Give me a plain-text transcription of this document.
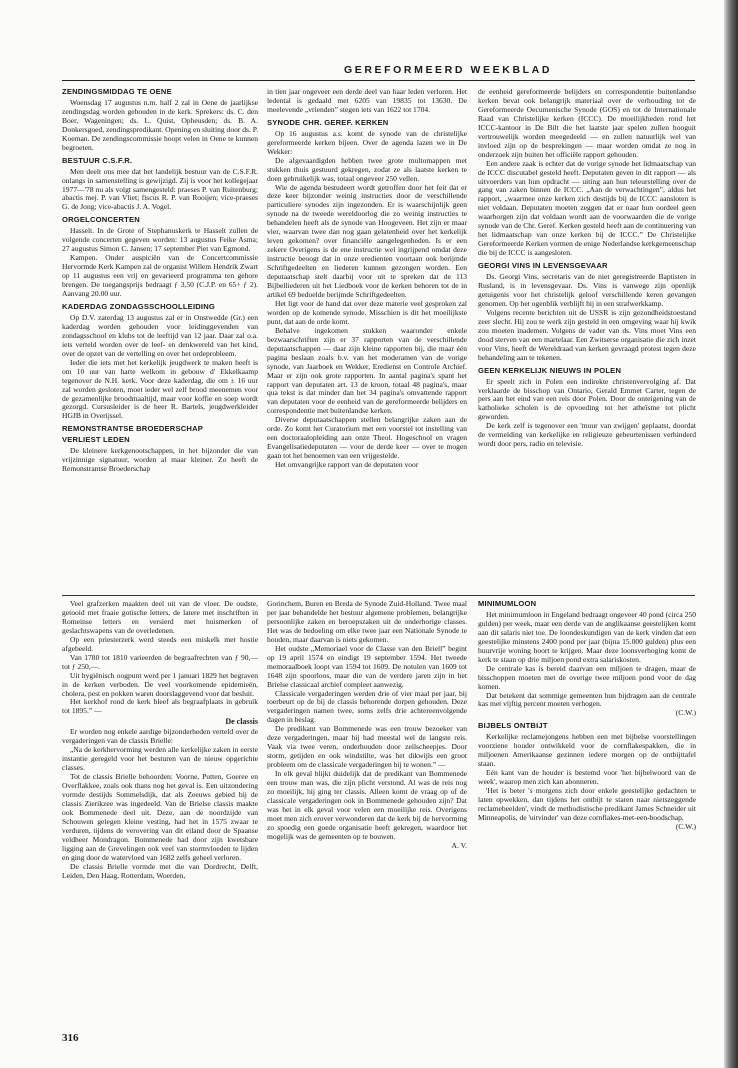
GEREFORMEERD WEEKBLAD
ZENDINGSMIDDAG TE OENE

Woensdag 17 augustus n.m. half 2 zal in Oene de jaarlijkse zendingsdag worden gehouden in de kerk. Sprekers: ds. C. den Boer, Wageningen; ds. L. Quist, Opheusden; ds. B. A. Donkersgoed, zendingspredikant. Opening en sluiting door ds. P. Koeman. De zendingscommissie hoopt velen in Oene te kunnen begroeten.

BESTUUR C.S.F.R.

Men deelt ons mee dat het landelijk bestuur van de C.S.F.R. onlangs in samenstelling is gewijzigd. Zij is voor het kollegejaar 1977—'78 nu als volgt samengesteld: praeses P. van Ruitenburg; abactis mej. P. van Vliet; fiscus R. P. van Rooijen; vice-praeses G. de Jong; vice-abactis J. A. Vogel.

ORGELCONCERTEN

Hasselt. In de Grote of Stephanuskerk te Hasselt zullen de volgende concerten gegeven worden: 13 augustus Feike Asma; 27 augustus Simon C. Jansen; 17 september Piet van Egmond.

Kampen. Onder auspiciën van de Concertcommissie Hervormde Kerk Kampen zal de organist Willem Hendrik Zwart op 11 augustus een vrij en gevarieerd programma ten gehore brengen. De toegangsprijs bedraagt ƒ 3,50 (C.J.P. en 65+ ƒ 2). Aanvang 20.00 uur.

KADERDAG ZONDAGSSCHOOLLEIDING

Op D.V. zaterdag 13 augustus zal er in Onstwedde (Gr.) een kaderdag worden gehouden voor leidinggevenden van zondagsschool en klubs tot de leeftijd van 12 jaar. Daar zal o.a. iets verteld worden over de leef- en denkwereld van het kind, over de opzet van de vertelling en over het ordeprobleem.

Ieder die iets met het kerkelijk jeugdwerk te maken heeft is om 10 uur van harte welkom in gebouw d' Ekkelkaamp tegenover de N.H. kerk. Voor deze kaderdag, die om ± 16 uur zal worden gesloten, moet ieder wel zelf brood meenemen voor de gezamenlijke broodmaaltijd, maar voor koffie en soep wordt gezorgd. Cursusleider is de heer R. Bartels, jeugdwerkleider HGJB in Overijssel.

REMONSTRANTSE BROEDERSCHAP
VERLIEST LEDEN

De kleinere kerkgenootschappen, in het bijzonder die van vrijzinnige signatuur, worden al maar kleiner. Zo heeft de Remonstrantse Broederschap

in tien jaar ongeveer een derde deel van haar leden verloren. Het ledental is gedaald met 6205 van 19835 tot 13630. De meelevende „vrienden” stegen iets van 1622 tot 1704.

SYNODE CHR. GEREF. KERKEN

Op 16 augustus a.s. komt de synode van de christelijke gereformeerde kerken bijeen. Over de agenda lazen we in De Wekker:

De afgevaardigden hebben twee grote multomappen met stukken thuis gestuurd gekregen, zodat ze als laatste kerken te doen gebruikelijk was, totaal ongeveer 250 vellen.

Wie de agenda bestudeert wordt getroffen door het feit dat er deze keer bijzonder weinig instructies door de verschillende particuliere synodes zijn ingezonden. Er is waarschijnlijk geen synode na de tweede wereldoorlog die zo weinig instructies te behandelen heeft als de synode van Hoogeveen. Het zijn er maar vier, waarvan twee dan nog gaan gelatenheid over het kerkelijk leven gekomen? over financiële aangelegenheden. Is er een zekere Overigens is de ene instructie wel ingrijpend omdat deze instructie beoogt dat in onze eredienten voortaan ook berijmde Schriftgedeelten en liederen kunnen gezongen worden. Een deputaatschap stelt daarbij voor uit te spreken dat de 113 Bijbelliederen uit het Liedboek voor de kerken behoren tot de in artikel 69 bedoelde berijmde Schriftgedeelten.

Het ligt voor de hand dat over deze materie veel gesproken zal worden op de komende synode. Misschien is dit het moeilijkste punt, dat aan de orde komt.

Behalve ingekomen stukken waaronder enkele bezwaarschriften zijn er 37 rapporten van de verschillende deputaatschappen — daar zijn kleine rapporten bij, die maar één pagina beslaan zoals b.v. van het moderamen van de vorige synode, van Jaarboek en Wekker, Eredienst en Controle Archief. Maar er zijn ook grote rapporten. In aantal pagina's spant het rapport van deputaten art. 13 de kroon, totaal 48 pagina's, maar qua tekst is dat minder dan het 34 pagina's omvattende rapport van deputaten voor de eenheid van de gereformeerde belijders en correspondentie met buitenlandse kerken.

Diverse deputaatschappen stellen belangrijke zaken aan de orde. Zo komt het Curatorium met een voorstel tot instelling van een doctoraalopleiding aan onze Theol. Hogeschool en vragen Evangelisatiedeputaten — voor de derde keer — over te mogen gaan tot het benoemen van een vrijgestelde.

Het omvangrijke rapport van de deputaten voor

de eenheid gereformeerde belijders en correspondentie buitenlandse kerken bevat ook belangrijk materiaal over de verhouding tot de Gereformeerde Oecumenische Synode (GOS) en tot de Internationale Raad van Christelijke kerken (ICCC). De moeilijkheden rond het ICCC-kantoor in De Bilt die het laatste jaar spelen zullen hooguit vertrouwelijk worden meegedeeld — en zullen natuurlijk wel van invloed zijn op de besprekingen — maar worden omdat ze nog in onderzoek zijn buiten het officiële rapport gehouden.

Een andere zaak is echter dat de vorige synode het lidmaatschap van de ICCC discutabel gesteld heeft. Deputaten geven in dit rapport — als uitvoerders van hun opdracht — uiting aan hun teleurstelling over de gang van zaken binnen de ICCC. „Aan de verwachtingen”, aldus het rapport, „waarmee onze kerken zich destijds bij de ICCC aansloten is niet voldaan. Deputaten moeten zeggen dat er naar hun oordeel geen waarborgen zijn dat voldaan wordt aan de voorwaarden die de vorige synode van de Chr. Geref. Kerken gesteld heeft aan de continuering van het lidmaatschap van onze kerken bij de ICCC.” De Christelijke Gereformeerde Kerken vormen de enige Nederlandse kerkgemeenschap die bij de ICCC is aangesloten.

GEORGI VINS IN LEVENSGEVAAR

Ds. Georgi Vins, secretaris van de niet geregistreerde Baptisten in Rusland, is in levensgevaar. Ds. Vins is vanwege zijn openlijk getuigenis voor het christelijk geloof verschillende keren gevangen genomen. Op het ogenblik verblijft hij in een strafwerkkamp.

Volgens recente berichten uit de USSR is zijn gezondheidstoestand zeer slecht. Hij zou te werk zijn gesteld in een omgeving waar hij kwik zou moeten inademen. Volgens de vader van ds. Vins moet Vins een dood sterven van een martelaar. Een Zwitserse organisatie die zich inzet voor Vins, heeft de Wereldraad van kerken gevraagd protest tegen deze behandeling aan te tekenen.

GEEN KERKELIJK NIEUWS IN POLEN

Er speelt zich in Polen een indirekte christenvervolging af. Dat verklaarde de bisschop van Ontario, Gerald Emmet Carter, tegen de pers aan het eind van een reis door Polen. Door de onteigening van de katholieke scholen is de opvoeding tot het atheïsme tot plicht geworden.

De kerk zelf is tegenover een 'muur van zwijgen' geplaatst, doordat de vermelding van kerkelijke en religieuze gebeurtenissen verhinderd wordt door pers, radio en televisie.

Veel grafzerken maakten deel uit van de vloer. De oudste, getooid met fraaie gotische letters, de latere met inschriften in Romeinse letters en versierd met huismerken of geslachtswapens van de overledenen.

Op een priesterzerk werd steeds een miskelk met hostie afgebeeld.

Van 1780 tot 1810 varieerden de begraafrechten van ƒ 90,— tot ƒ 250,—.

Uit hygiënisch oogpunt werd per 1 januari 1829 het begraven in de kerken verboden. De veel voorkomende epidemieën, cholera, pest en pokken waren doorslaggevend voor dat besluit.

Het kerkhof rond de kerk bleef als begraafplaats in gebruik tot 1895.” —

De classis

Er worden nog enkele aardige bijzonderheden verteld over de vergaderingen van de classis Brielle:

„Na de kerkhervorming werden alle kerkelijke zaken in eerste instantie geregeld voor het besturen van de nieuw opgerichte classes.

Tot de classis Brielle behoorden: Voorne, Putten, Goeree en Overflakkee, zoals ook thans nog het geval is. Een uitzondering vormde destijds Sommelsdijk, dat als Zeeuws gebied bij de classis Zierikzee was ingedeeld. Van de Brielse classis maakte ook Bommenede deel uit. Deze, aan de noordzijde van Schouwen gelegen kleine vesting, had het in 1575 zwaar te verduren, tijdens de verovering van dit eiland door de Spaanse veldheer Mondragon. Bommenede had door zijn kwetsbare ligging aan de Grevelingen ook veel van stormvloeden te lijden en ging door de watervloed van 1682 zelfs geheel verloren.

De classis Brielle vormde met die van Dordrecht, Delft, Leiden, Den Haag, Rotterdam, Woerden,

Gorinchem, Buren en Breda de Synode Zuid-Holland. Twee maal per jaar behandelde het bestuur algemene problemen, belangrijke persoonlijke zaken en beroepszaken uit de onderhorige classes. Het was de bedoeling om elke twee jaar een Nationale Synode te houden, maar daarvan is niets gekomen.

Het oudste „Memoriael voor de Classe van den Briell” begint op 19 april 1574 en eindigt 19 september 1594. Het tweede memoraalboek loopt van 1594 tot 1609. De notulen van 1609 tot 1648 zijn spoorloos, maar die van de verdere jaren zijn in het Brielse classicaal archief compleet aanwezig.

Classicale vergaderingen werden drie of vier maal per jaar, bij toerbeurt op de bij de classis behorende dorpen gehouden. Deze vergaderingen namen twee, soms zelfs drie achtereenvolgende dagen in beslag.

De predikant van Bommenede was een trouw bezoeker van deze vergaderingen, maar hij had meestal wel de langste reis. Vaak via twee veren, onderhouden door zeilscheepjes. Door storm, getijden en ook windstilte, was het dikwijls een groot probleem om de classicale vergaderingen bij te wonen.” —

In elk geval blijkt duidelijk dat de predikant van Bommenede een trouw man was, die zijn plicht verstond. Al was de reis nog zo moeilijk, hij ging ter classis. Alleen komt de vraag op of de classicale vergaderingen ook in Bommenede gehouden zijn? Dat was het in elk geval voor velen een moeilijke reis. Overigens moet men zich erover verwonderen dat de kerk bij de hervorming zo spoedig een goede organisatie heeft gekregen, waardoor het mogelijk was de gemeenten op te bouwen.

A. V.

MINIMUMLOON

Het minimumloon in Engeland bedraagt ongeveer 40 pond (circa 250 gulden) per week, maar een derde van de anglikaanse geestelijken komt aan dit salaris niet toe. De loondeskundigen van de kerk vinden dat een geestelijke minstens 2400 pond per jaar (bijna 15.000 gulden) plus een huurvrije woning hoort te krijgen. Maar deze loonsverhoging komt de kerk te staan op drie miljoen pond extra salariskosten.

De centrale kas is bereid daarvan een miljoen te dragen, maar de bisschoppen moeten met de overige twee miljoen pond voor de dag komen.

Dat betekent dat sommige gemeenten hun bijdragen aan de centrale kas met vijftig percent moeten verhogen.

(C.W.)

BIJBELS ONTBIJT

Kerkelijke reclamejongens hebben een met bijbelse voorstellingen voorziene houder ontwikkeld voor de cornflakespakken, die in miljoenen Amerikaanse gezinnen iedere morgen op de ontbijttafel staan.

Eén kant van de houder is bestemd voor 'het bijbelwoord van de week', waarop men zich kan abonneren.

'Het is beter 's morgens zich door enkele geestelijke gedachten te laten opwekken, dan tijdens het ontbijt te staren naar nietszeggende reclamebeelden', vindt de methodistische predikant James Schneider uit Minneapolis, de 'uitvinder' van deze cornflakes-met-een-boodschap.

(C.W.)

316
